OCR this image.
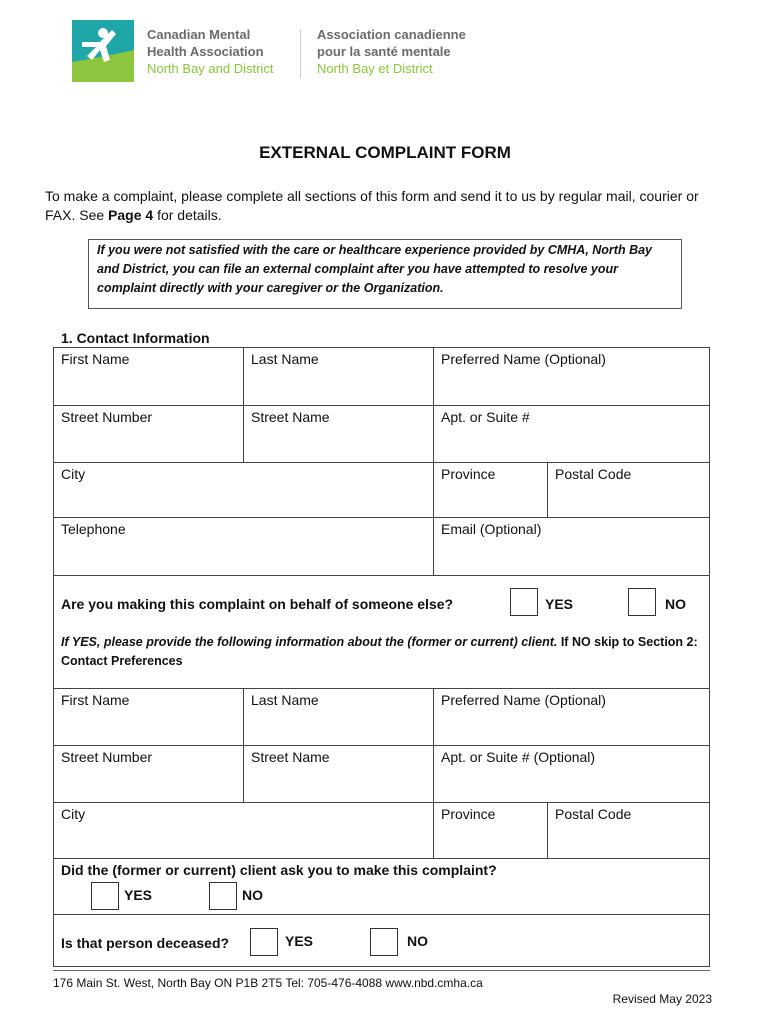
Canadian Mental
Health Association
North Bay and District
Association canadienne
pour la santé mentale
North Bay et District
EXTERNAL COMPLAINT FORM
To make a complaint, please complete all sections of this form and send it to us by regular mail, courier or FAX. See Page 4 for details.
If you were not satisfied with the care or healthcare experience provided by CMHA, North Bay and District, you can file an external complaint after you have attempted to resolve your complaint directly with your caregiver or the Organization.
1. Contact Information
First Name	Last Name	Preferred Name (Optional)
Street Number	Street Name	Apt. or Suite #
City	Province	Postal Code
Telephone	Email (Optional)
Are you making this complaint on behalf of someone else?	YES	NO
If YES, please provide the following information about the (former or current) client. If NO skip to Section 2: Contact Preferences
First Name	Last Name	Preferred Name (Optional)
Street Number	Street Name	Apt. or Suite # (Optional)
City	Province	Postal Code
Did the (former or current) client ask you to make this complaint?
YES	NO
Is that person deceased?	YES	NO
176 Main St. West, North Bay ON P1B 2T5 Tel: 705-476-4088 www.nbd.cmha.ca
Revised May 2023
